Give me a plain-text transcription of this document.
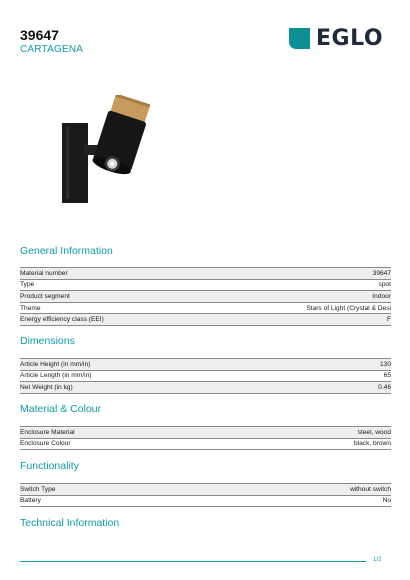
39647
CARTAGENA	EGLO
General Information
Material number	39647
Type	spot
Product segment	Indoor
Theme	Stars of Light (Crystal & Desi
Energy efficiency class (EEI)	F
Dimensions
Article Height (in mm/in)	130
Article Length (in mm/in)	65
Net Weight (in kg)	0.46
Material & Colour
Enclosure Material	steel, wood
Enclosure Colour	black, brown
Functionality
Switch Type	without switch
Battery	No
Technical Information
1/2
